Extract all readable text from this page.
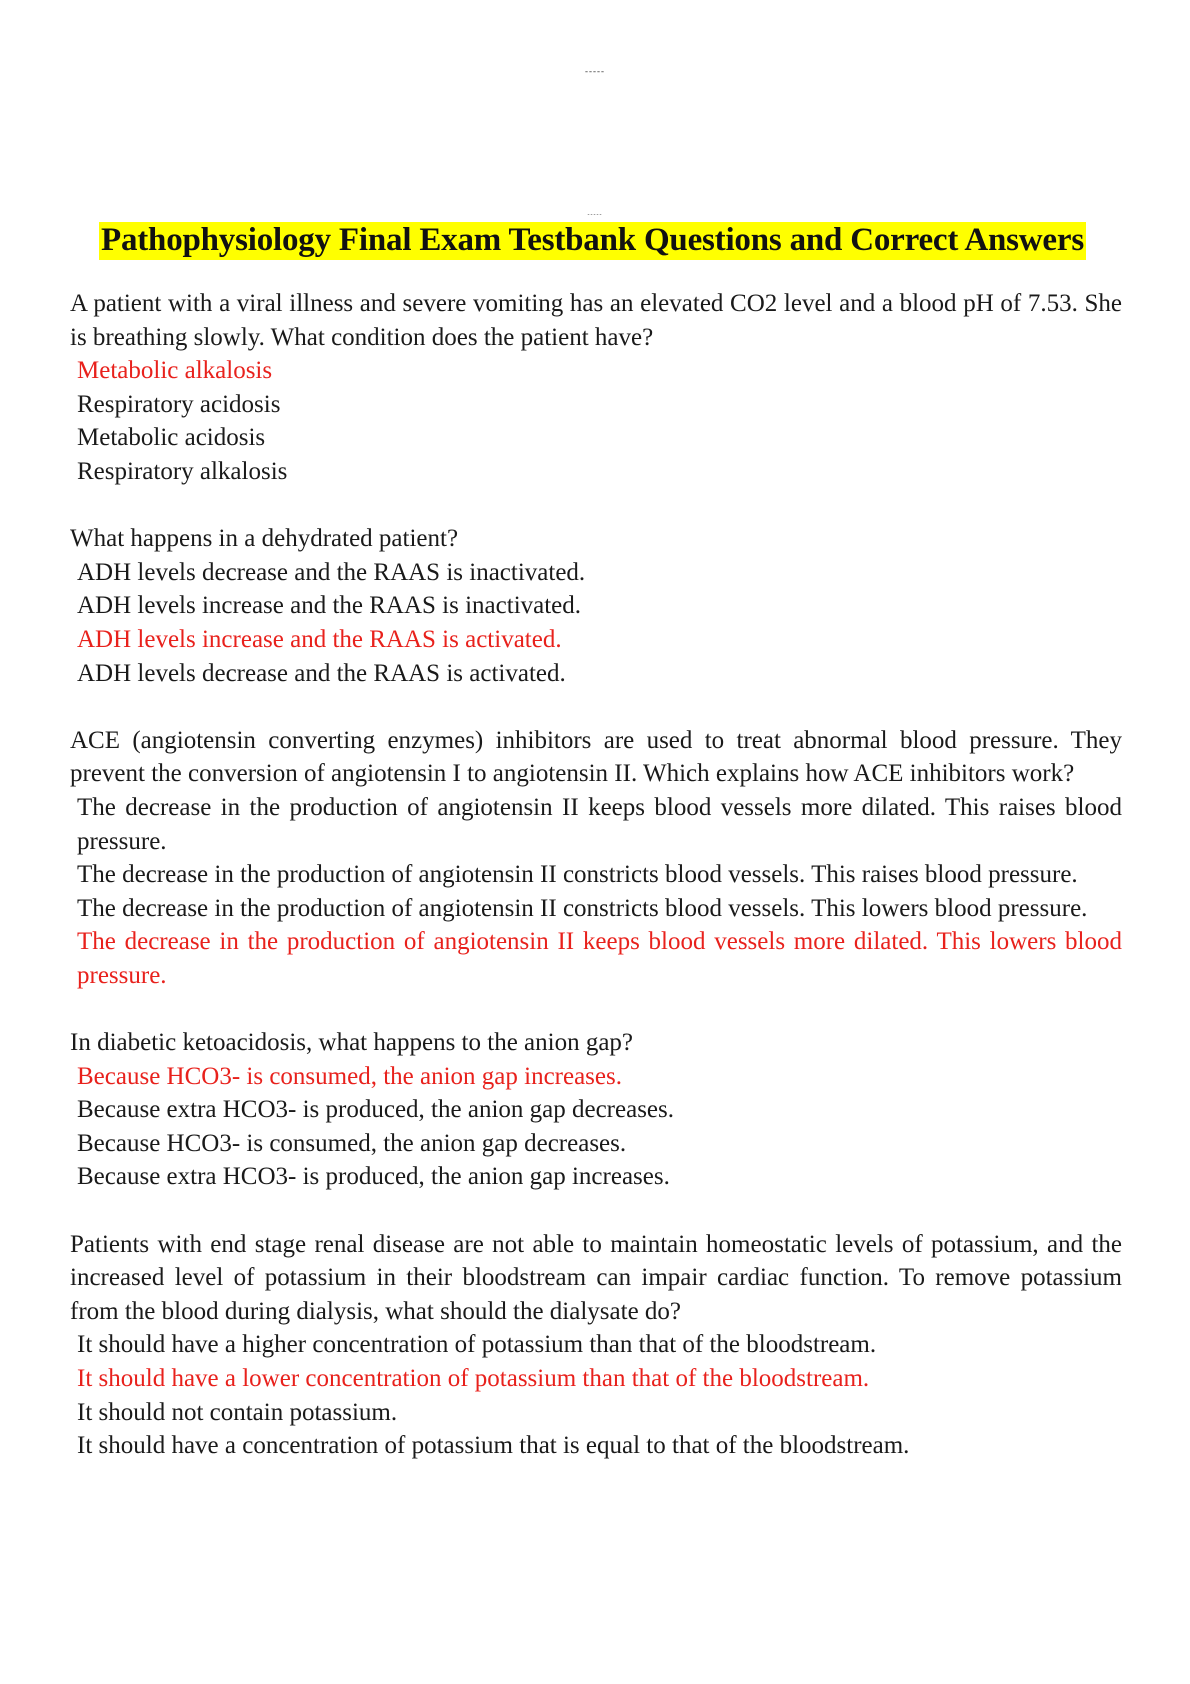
-----
-----
Pathophysiology Final Exam Testbank Questions and Correct Answers

A patient with a viral illness and severe vomiting has an elevated CO2 level and a blood pH of 7.53. She is breathing slowly. What condition does the patient have?

Metabolic alkalosis
Respiratory acidosis
Metabolic acidosis
Respiratory alkalosis

What happens in a dehydrated patient?

ADH levels decrease and the RAAS is inactivated.
ADH levels increase and the RAAS is inactivated.
ADH levels increase and the RAAS is activated.
ADH levels decrease and the RAAS is activated.

ACE (angiotensin converting enzymes) inhibitors are used to treat abnormal blood pressure. They prevent the conversion of angiotensin I to angiotensin II. Which explains how ACE inhibitors work?

The decrease in the production of angiotensin II keeps blood vessels more dilated. This raises blood pressure.
The decrease in the production of angiotensin II constricts blood vessels. This raises blood pressure.
The decrease in the production of angiotensin II constricts blood vessels. This lowers blood pressure.
The decrease in the production of angiotensin II keeps blood vessels more dilated. This lowers blood pressure.

In diabetic ketoacidosis, what happens to the anion gap?

Because HCO3- is consumed, the anion gap increases.
Because extra HCO3- is produced, the anion gap decreases.
Because HCO3- is consumed, the anion gap decreases.
Because extra HCO3- is produced, the anion gap increases.

Patients with end stage renal disease are not able to maintain homeostatic levels of potassium, and the increased level of potassium in their bloodstream can impair cardiac function. To remove potassium from the blood during dialysis, what should the dialysate do?

It should have a higher concentration of potassium than that of the bloodstream.
It should have a lower concentration of potassium than that of the bloodstream.
It should not contain potassium.
It should have a concentration of potassium that is equal to that of the bloodstream.
